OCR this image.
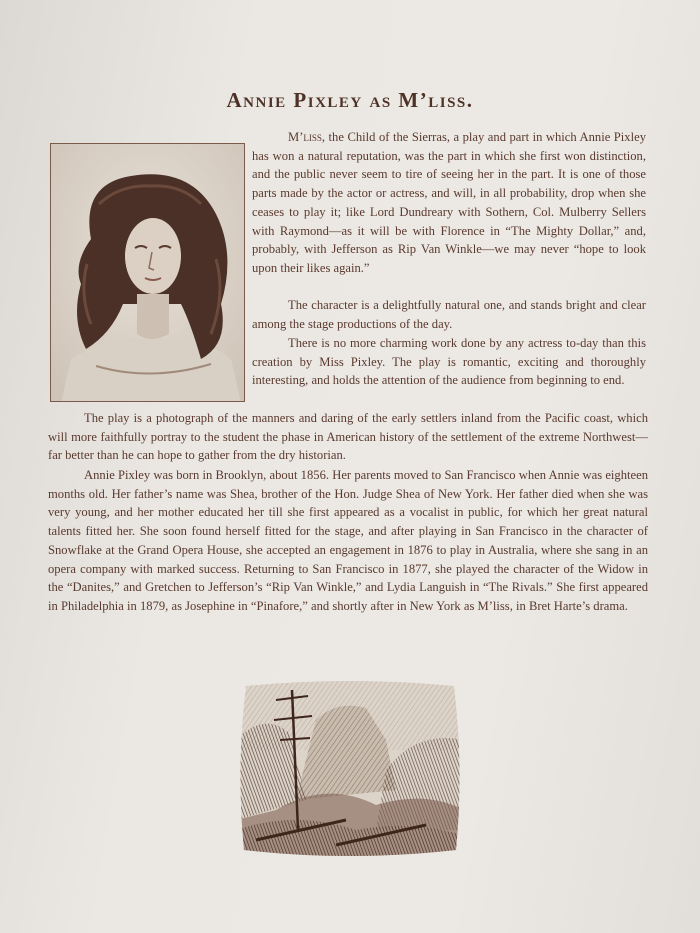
Annie Pixley as M’liss.

M’liss, the Child of the Sierras, a play and part in which Annie Pixley has won a natural reputation, was the part in which she first won distinction, and the public never seem to tire of seeing her in the part. It is one of those parts made by the actor or actress, and will, in all probability, drop when she ceases to play it; like Lord Dundreary with Sothern, Col. Mulberry Sellers with Raymond—as it will be with Florence in “The Mighty Dollar,” and, probably, with Jefferson as Rip Van Winkle—we may never “hope to look upon their likes again.”

The character is a delightfully natural one, and stands bright and clear among the stage productions of the day.

There is no more charming work done by any actress to-day than this creation by Miss Pixley. The play is romantic, exciting and thoroughly interesting, and holds the attention of the audience from beginning to end.

The play is a photograph of the manners and daring of the early settlers inland from the Pacific coast, which will more faithfully portray to the student the phase in American history of the settlement of the extreme Northwest—far better than he can hope to gather from the dry historian.

Annie Pixley was born in Brooklyn, about 1856. Her parents moved to San Francisco when Annie was eighteen months old. Her father’s name was Shea, brother of the Hon. Judge Shea of New York. Her father died when she was very young, and her mother educated her till she first appeared as a vocalist in public, for which her great natural talents fitted her. She soon found herself fitted for the stage, and after playing in San Francisco in the character of Snowflake at the Grand Opera House, she accepted an engagement in 1876 to play in Australia, where she sang in an opera company with marked success. Returning to San Francisco in 1877, she played the character of the Widow in the “Danites,” and Gretchen to Jefferson’s “Rip Van Winkle,” and Lydia Languish in “The Rivals.” She first appeared in Philadelphia in 1879, as Josephine in “Pinafore,” and shortly after in New York as M’liss, in Bret Harte’s drama.
